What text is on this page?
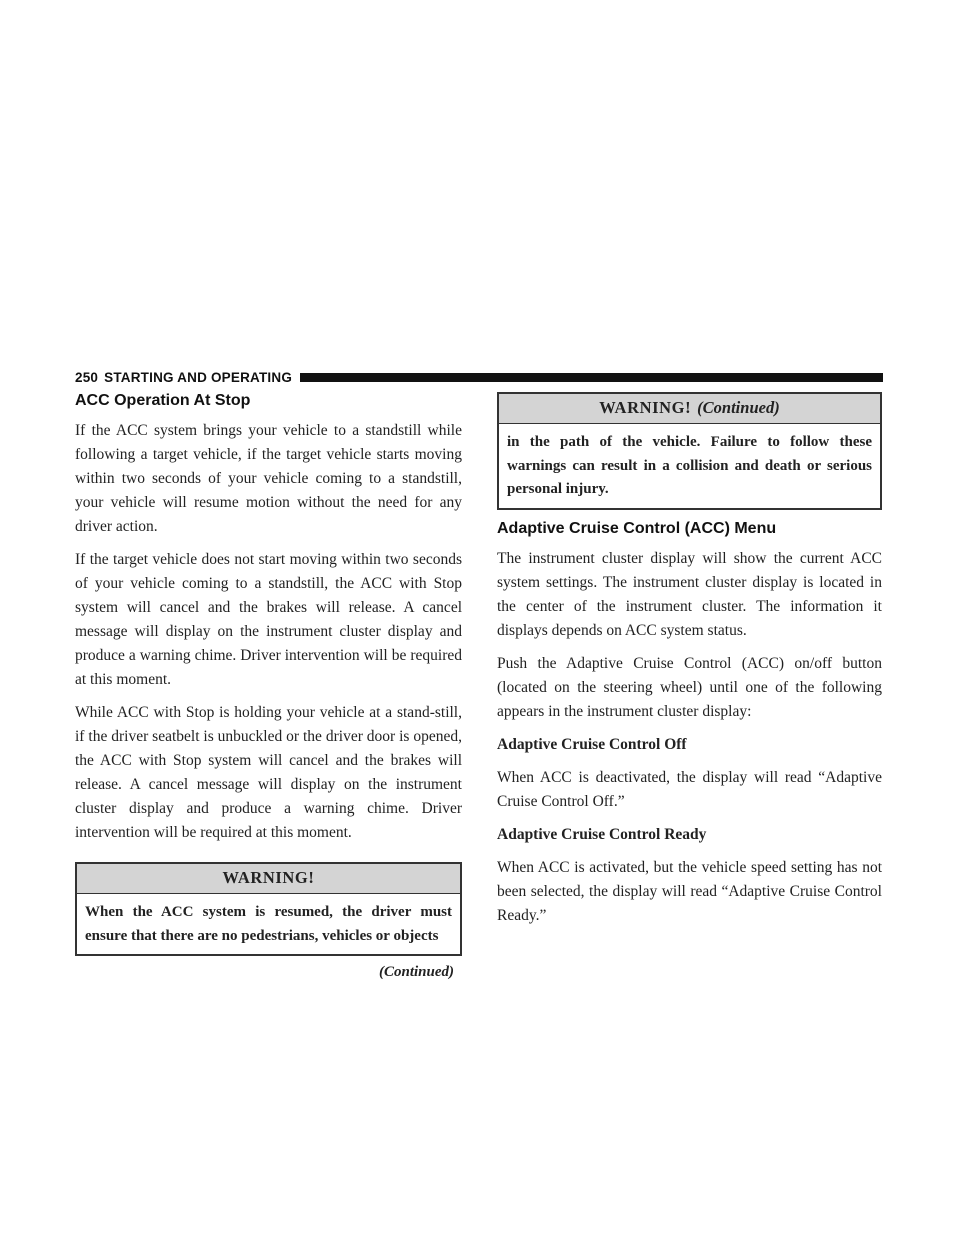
250 STARTING AND OPERATING
ACC Operation At Stop

If the ACC system brings your vehicle to a standstill while following a target vehicle, if the target vehicle starts moving within two seconds of your vehicle coming to a standstill, your vehicle will resume motion without the need for any driver action.

If the target vehicle does not start moving within two seconds of your vehicle coming to a standstill, the ACC with Stop system will cancel and the brakes will release. A cancel message will display on the instrument cluster display and produce a warning chime. Driver intervention will be required at this moment.

While ACC with Stop is holding your vehicle at a stand-still, if the driver seatbelt is unbuckled or the driver door is opened, the ACC with Stop system will cancel and the brakes will release. A cancel message will display on the instrument cluster display and produce a warning chime. Driver intervention will be required at this moment.

WARNING!
When the ACC system is resumed, the driver must ensure that there are no pedestrians, vehicles or objects
(Continued)
WARNING! (Continued)
in the path of the vehicle. Failure to follow these warnings can result in a collision and death or serious personal injury.
Adaptive Cruise Control (ACC) Menu

The instrument cluster display will show the current ACC system settings. The instrument cluster display is located in the center of the instrument cluster. The information it displays depends on ACC system status.

Push the Adaptive Cruise Control (ACC) on/off button (located on the steering wheel) until one of the following appears in the instrument cluster display:

Adaptive Cruise Control Off

When ACC is deactivated, the display will read “Adaptive Cruise Control Off.”

Adaptive Cruise Control Ready

When ACC is activated, but the vehicle speed setting has not been selected, the display will read “Adaptive Cruise Control Ready.”
